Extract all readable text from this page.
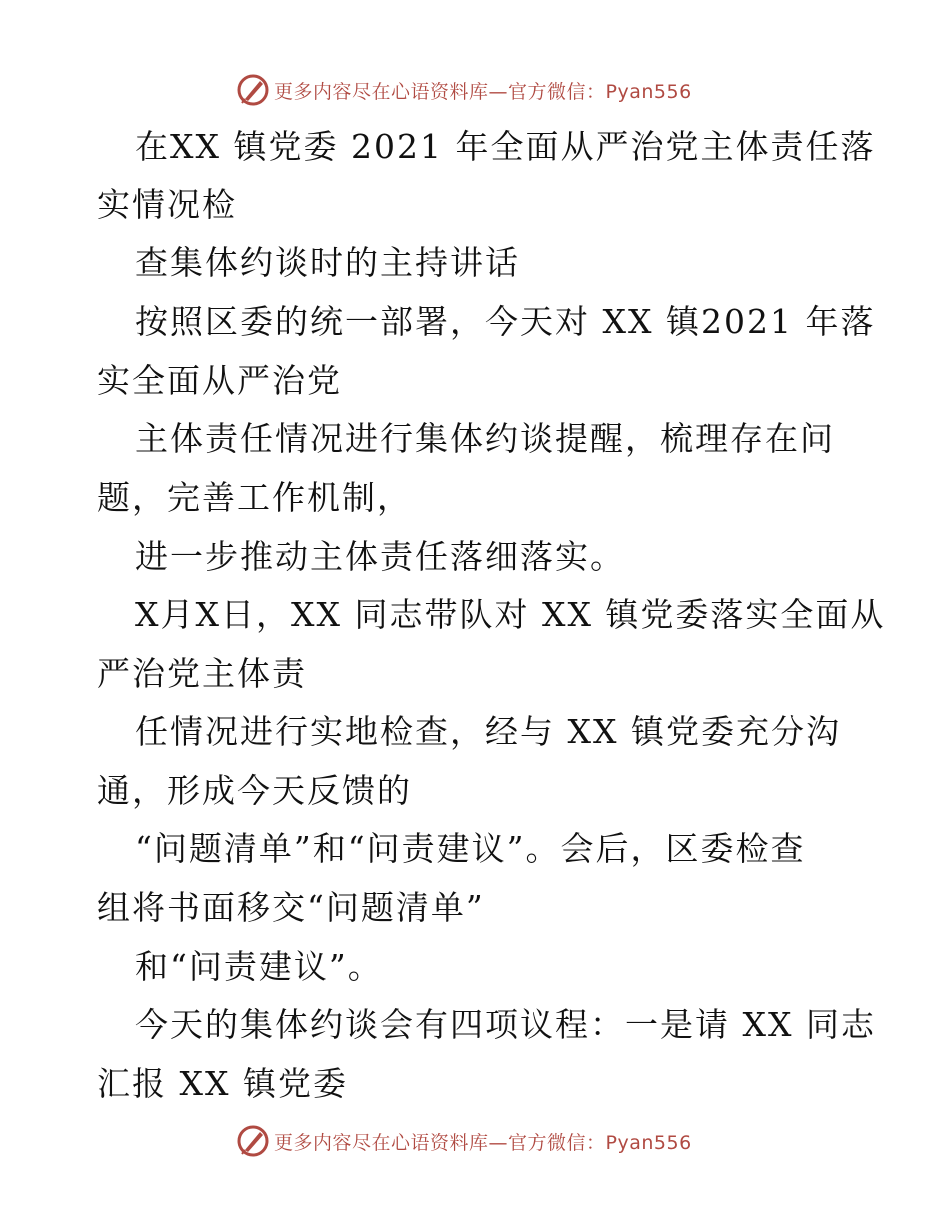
更多内容尽在心语资料库—官方微信：Pyan556
在XX 镇党委 2021 年全面从严治党主体责任落
实情况检
查集体约谈时的主持讲话
按照区委的统一部署，今天对 XX 镇2021 年落
实全面从严治党
主体责任情况进行集体约谈提醒，梳理存在问
题，完善工作机制，
进一步推动主体责任落细落实。
X月X日，XX 同志带队对 XX 镇党委落实全面从
严治党主体责
任情况进行实地检查，经与 XX 镇党委充分沟
通，形成今天反馈的
“问题清单”和“问责建议”。会后，区委检查
组将书面移交“问题清单”
和“问责建议”。
今天的集体约谈会有四项议程：一是请 XX 同志
汇报 XX 镇党委
更多内容尽在心语资料库—官方微信：Pyan556
